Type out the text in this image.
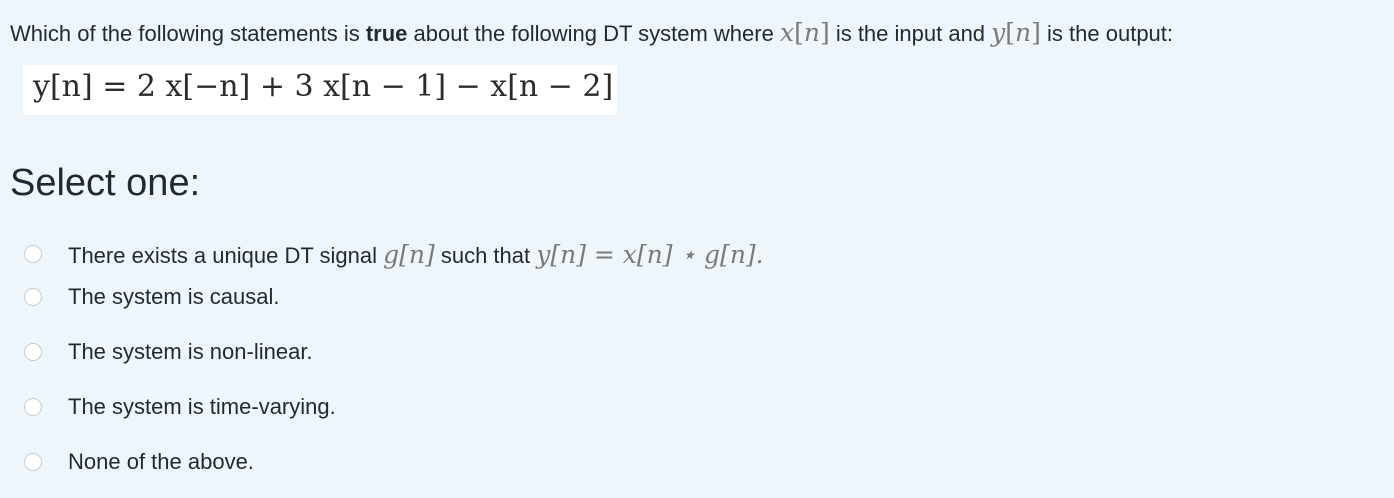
Which of the following statements is true about the following DT system where x[n] is the input and y[n] is the output:
y[n] = 2 x[−n] + 3 x[n − 1] − x[n − 2]
Select one:
There exists a unique DT signal g[n] such that y[n] = x[n] ⋆ g[n].
The system is causal.
The system is non-linear.
The system is time-varying.
None of the above.
